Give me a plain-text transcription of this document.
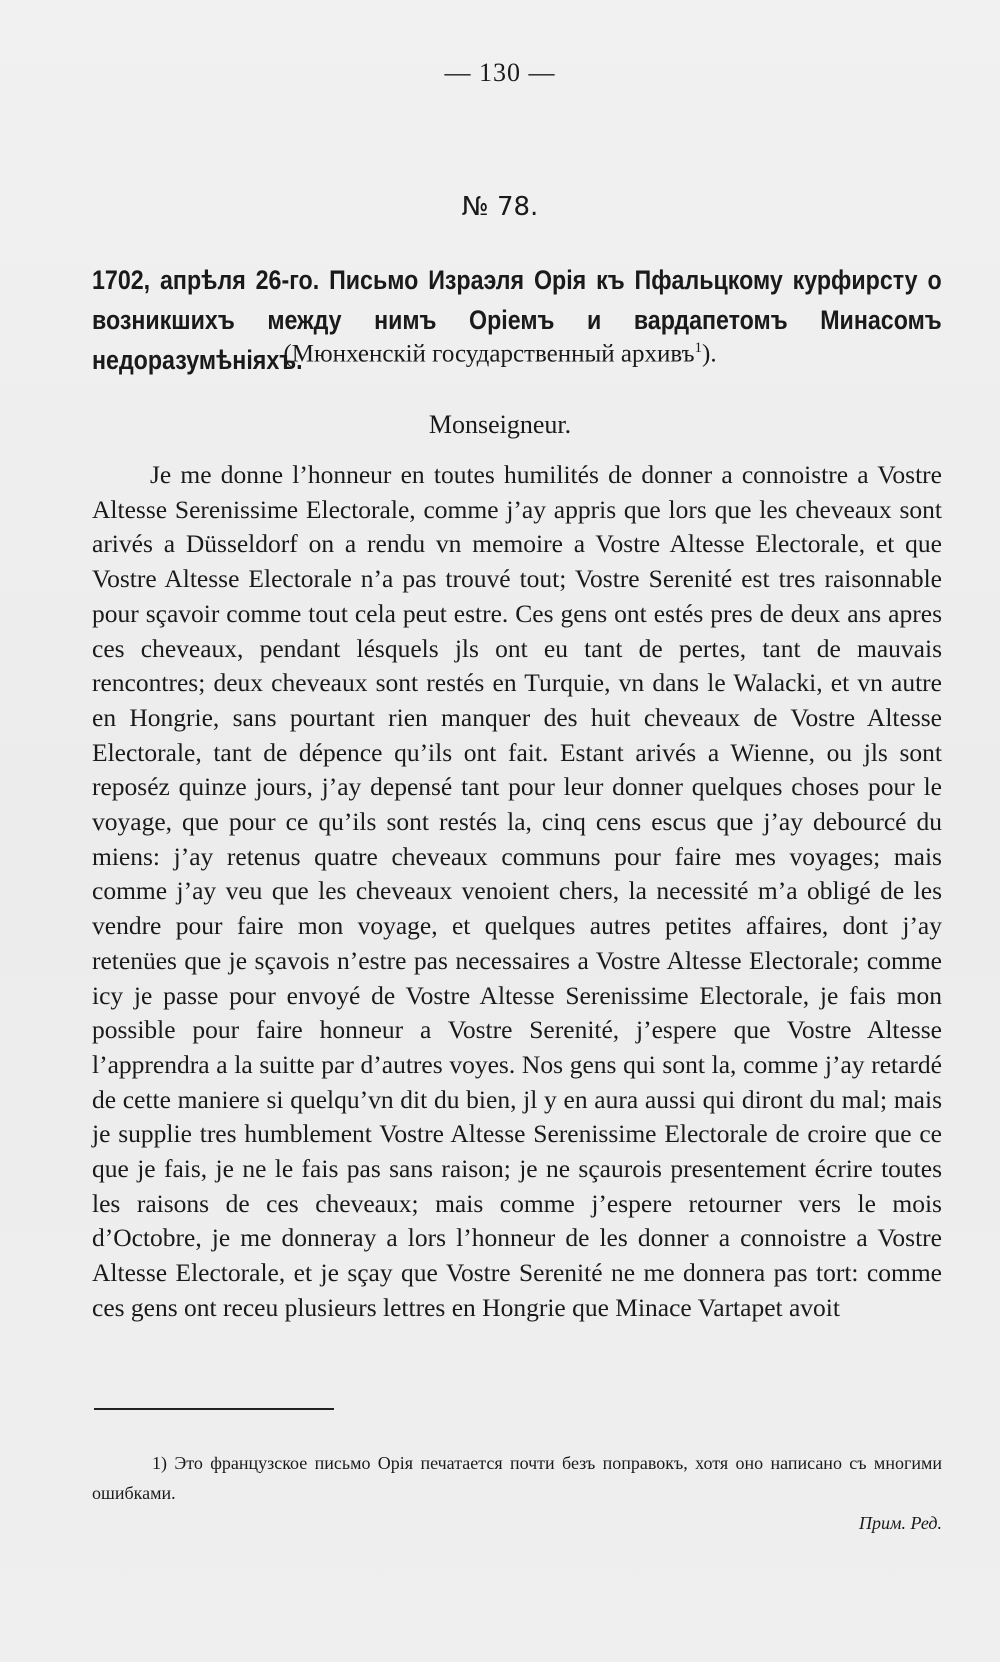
— 130 —
№ 78.
1702, апрѣля 26-го. Письмо Израэля Орія къ Пфальцкому курфирсту о возникшихъ между нимъ Оріемъ и вардапетомъ Минасомъ недоразумѣніяхъ.
(Мюнхенскій государственный архивъ$^1$).
Monseigneur.

Je me donne l’honneur en toutes humilités de donner a connoistre a Vostre Altesse Serenissime Electorale, comme j’ay appris que lors que les cheveaux sont arivés a Düsseldorf on a rendu vn memoire a Vostre Altesse Electorale, et que Vostre Altesse Electorale n’a pas trouvé tout; Vostre Serenité est tres raisonnable pour sçavoir comme tout cela peut estre. Ces gens ont estés pres de deux ans apres ces cheveaux, pendant lésquels jls ont eu tant de pertes, tant de mauvais rencontres; deux cheveaux sont restés en Turquie, vn dans le Walacki, et vn autre en Hongrie, sans pourtant rien manquer des huit cheveaux de Vostre Altesse Electorale, tant de dépence qu’ils ont fait. Estant arivés a Wienne, ou jls sont reposéz quinze jours, j’ay depensé tant pour leur donner quelques choses pour le voyage, que pour ce qu’ils sont restés la, cinq cens escus que j’ay debourcé du miens: j’ay retenus quatre cheveaux communs pour faire mes voyages; mais comme j’ay veu que les cheveaux venoient chers, la necessité m’a obligé de les vendre pour faire mon voyage, et quelques autres petites affaires, dont j’ay retenües que je sçavois n’estre pas necessaires a Vostre Altesse Electorale; comme icy je passe pour envoyé de Vostre Altesse Serenissime Electorale, je fais mon possible pour faire honneur a Vostre Serenité, j’espere que Vostre Altesse l’apprendra a la suitte par d’autres voyes. Nos gens qui sont la, comme j’ay retardé de cette maniere si quelqu’vn dit du bien, jl y en aura aussi qui diront du mal; mais je supplie tres humblement Vostre Altesse Serenissime Electorale de croire que ce que je fais, je ne le fais pas sans raison; je ne sçaurois presentement écrire toutes les raisons de ces cheveaux; mais comme j’espere retourner vers le mois d’Octobre, je me donneray a lors l’honneur de les donner a connoistre a Vostre Altesse Electorale, et je sçay que Vostre Serenité ne me donnera pas tort: comme ces gens ont receu plusieurs lettres en Hongrie que Minace Vartapet avoit

1) Это французское письмо Орія печатается почти безъ поправокъ, хотя оно написано съ многими ошибками.

Прим. Ред.
